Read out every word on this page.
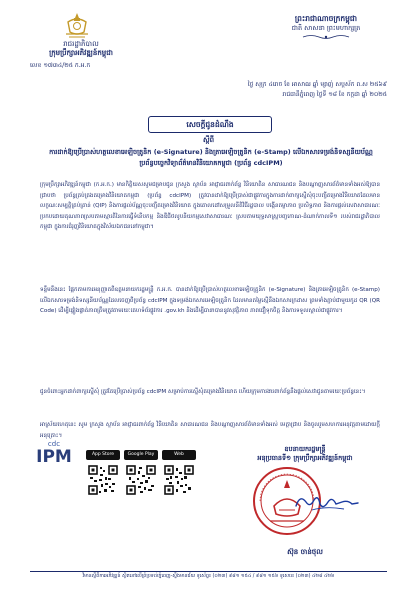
រាជរដ្ឋាភិបាល
ក្រុមប្រឹក្សាអភិវឌ្ឍន៍កម្ពុជា
លេខ ១៧៣៤/២៥ ក.អ.ក
ព្រះរាជាណាចក្រកម្ពុជា
ជាតិ សាសនា ព្រះមហាក្សត្រ
ថ្ងៃ សុក្រ ៤រោច ខែ អាសាឍ ឆ្នាំ ម្សាញ់ សប្តស័ក ព.ស ២៥៦៩
រាជធានីភ្នំពេញ ថ្ងៃទី ១៨ ខែ កក្កដា ឆ្នាំ ២០២៥
សេចក្តីជូនដំណឹង
ស្តីពី
ការដាក់ឱ្យប្រើប្រាស់ហត្ថលេខាអេឡិចត្រូនិក (e-Signature) និងត្រាអេឡិចត្រូនិក (e-Stamp) លើឯកសារទម្រង់និទស្សនីយប័ណ្ណប្រព័ន្ធបច្ចេកវិទ្យាព័ត៌មានវិនិយោគកម្ពុជា (ប្រព័ន្ធ cdcIPM)
ក្រុមប្រឹក្សាអភិវឌ្ឍន៍កម្ពុជា (ក.អ.ក.) មានកិត្តិយសសូមជម្រាបជូន ក្រសួង ស្ថាប័ន អាជ្ញាធរពាក់ព័ន្ធ វិនិយោគិន សាធារណជន និងបណ្តាញសារព័ត៌មានទាំងអស់ឱ្យបានជ្រាបថា ប្រព័ន្ធគ្រប់គ្រងគម្រោងវិនិយោគកម្ពុជា (ប្រព័ន្ធ cdcIPM) ត្រូវបានដាក់ឱ្យប្រើប្រាស់ជាផ្លូវការក្នុងការដាក់ពាក្យស្នើសុំចុះបញ្ជីគម្រោងវិនិយោគដែលមានលក្ខណៈសម្បត្តិគ្រប់គ្រាន់ (QIP) និងការផ្តល់ប័ណ្ណចុះបញ្ជីគម្រោងវិនិយោគ ក្នុងគោលដៅសម្រួលនីតិវិធីរដ្ឋបាល បង្កើនតម្លាភាព ប្រសិទ្ធភាព និងការផ្តល់សេវាសាធារណៈប្រកបដោយគុណភាពស្របតាមស្មារតីនៃការធ្វើទំនើបកម្ម និងឌីជីថលូបនីយកម្មសេវាសាធារណៈ ស្របតាមយុទ្ធសាស្ត្របញ្ចកោណ-ដំណាក់កាលទី១ របស់រាជរដ្ឋាភិបាលកម្ពុជា ក្នុងការជំរុញវិនិយោគក្នុងវិស័យឯកជននៅកម្ពុជា។
ទន្ទឹមនឹងនេះ ផ្អែកតាមការអនុញ្ញាតពីឧត្តមនាយករដ្ឋមន្ត្រី ក.អ.ក. បានដាក់ឱ្យប្រើប្រាស់ហត្ថលេខាអេឡិចត្រូនិក (e-Signature) និងត្រាអេឡិចត្រូនិក (e-Stamp) លើឯកសារទម្រង់និទស្សនីយប័ណ្ណដែលចេញពីប្រព័ន្ធ cdcIPM ក្នុងទម្រង់ឯកសារអេឡិចត្រូនិក ដែលមានតម្លៃស្មើនឹងឯកសារក្រដាស ព្រមទាំងភ្ជាប់ជាមួយកូដ QR (QR Code) ដើម្បីផ្ទៀងផ្ទាត់ភាពត្រឹមត្រូវតាមរយៈគេហទំព័រផ្លូវការ .gov.kh និងដើម្បីធានាបាននូវសុវត្ថិភាព ភាពជឿទុកចិត្ត និងការទទួលស្គាល់ជាផ្លូវការ។
ជូនចំពោះអ្នកដាក់ពាក្យស្នើសុំ ត្រូវតែប្រើប្រាស់ប្រព័ន្ធ cdcIPM សម្រាប់ការស្នើសុំគម្រោងវិនិយោគ ហើយក្រុមការងារពាក់ព័ន្ធនឹងផ្តល់សេវាជូនតាមរយៈប្រព័ន្ធនេះ។
អាស្រ័យហេតុនេះ សូម ក្រសួង ស្ថាប័ន អាជ្ញាធរពាក់ព័ន្ធ វិនិយោគិន សាធារណជន និងបណ្តាញសារព័ត៌មានទាំងអស់ មេត្តាជ្រាប និងចូលរួមសហការអនុវត្តតាមដោយក្តីអនុគ្រោះ។
cdc
IPM	App Store	Google Play	Web
ឧបនាយករដ្ឋមន្ត្រី
អនុប្រធានទី១ ក្រុមប្រឹក្សាអភិវឌ្ឍន៍កម្ពុជា
ស៊ុន ចាន់ថុល
វិមានស្តីពីការអភិវឌ្ឍន៍ ស្ថិតនៅលើព្រំប្រទល់ភ្នំពេញ-ស្ទឹងមានជ័យ ទូរស័ព្ទ៖ (០២៣) ៩៨១ ១៥៤ / ៩៨១ ១៥៦ ទូរសារ៖ (០២៣) ៤២៨ ៤២៦
